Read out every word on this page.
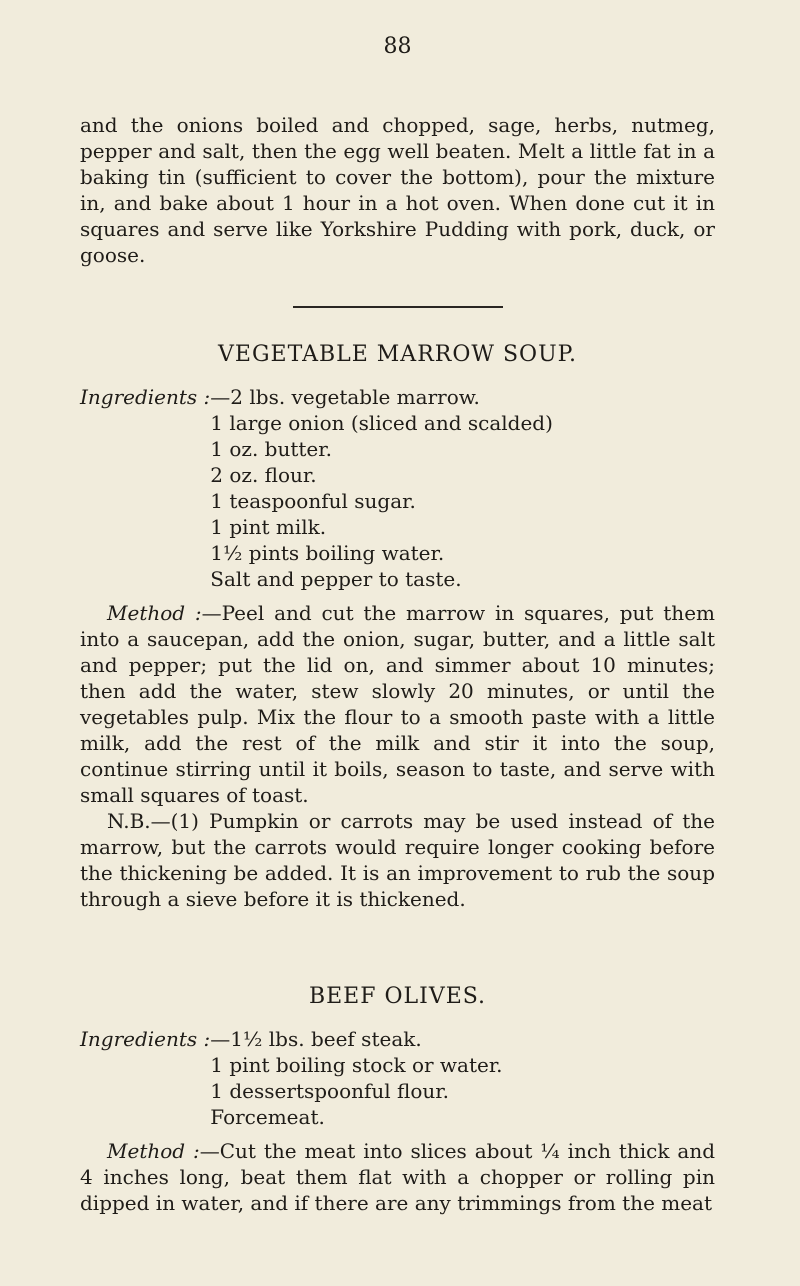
88

and the onions boiled and chopped, sage, herbs, nutmeg, pepper and salt, then the egg well beaten. Melt a little fat in a baking tin (sufficient to cover the bottom), pour the mixture in, and bake about 1 hour in a hot oven. When done cut it in squares and serve like Yorkshire Pudding with pork, duck, or goose.

VEGETABLE MARROW SOUP.
Ingredients : —2 lbs. vegetable marrow.
1 large onion (sliced and scalded)
1 oz. butter.
2 oz. flour.
1 teaspoonful sugar.
1 pint milk.
1½ pints boiling water.
Salt and pepper to taste.

Method :—Peel and cut the marrow in squares, put them into a saucepan, add the onion, sugar, butter, and a little salt and pepper; put the lid on, and simmer about 10 minutes; then add the water, stew slowly 20 minutes, or until the vegetables pulp. Mix the flour to a smooth paste with a little milk, add the rest of the milk and stir it into the soup, continue stirring until it boils, season to taste, and serve with small squares of toast.

N.B.—(1) Pumpkin or carrots may be used instead of the marrow, but the carrots would require longer cooking before the thickening be added. It is an improvement to rub the soup through a sieve before it is thickened.

BEEF OLIVES.
Ingredients : —1½ lbs. beef steak.
1 pint boiling stock or water.
1 dessertspoonful flour.
Forcemeat.

Method :—Cut the meat into slices about ¼ inch thick and 4 inches long, beat them flat with a chopper or rolling pin dipped in water, and if there are any trimmings from the meat
